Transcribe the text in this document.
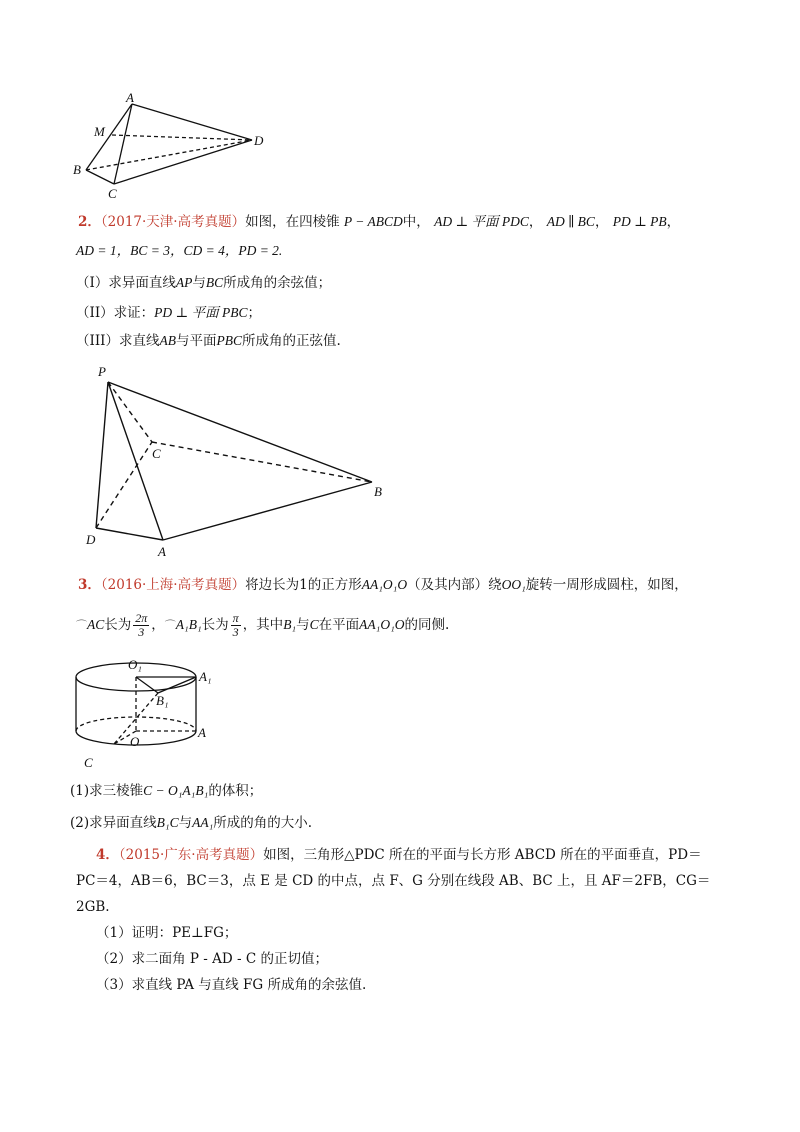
A
M
B
C
D
2．（2017·天津·高考真题）如图，在四棱锥 P − ABCD中， AD ⊥ 平面 PDC， AD ∥ BC， PD ⊥ PB，
AD = 1，BC = 3，CD = 4，PD = 2.
（I）求异面直线AP与BC所成角的余弦值；
（II）求证：PD ⊥ 平面 PBC；
（III）求直线AB与平面PBC所成角的正弦值.
P
C
B
D
A
3．（2016·上海·高考真题）将边长为1的正方形AA₁O₁O（及其内部）绕OO₁旋转一周形成圆柱，如图，
⌒AC长为 $\frac{2\pi}{3}$ ，⌒A₁B₁长为 $\frac{\pi}{3}$ ，其中B₁与C在平面AA₁O₁O的同侧.
O₁
A₁
B₁
O
A
C
(1)求三棱锥C − O₁A₁B₁的体积；
(2)求异面直线B₁C与AA₁所成的角的大小.
4．（2015·广东·高考真题）如图，三角形△PDC 所在的平面与长方形 ABCD 所在的平面垂直，PD＝
PC＝4，AB＝6，BC＝3，点 E 是 CD 的中点，点 F、G 分别在线段 AB、BC 上，且 AF＝2FB，CG＝
2GB.
（1）证明：PE⊥FG；
（2）求二面角 P - AD - C 的正切值；
（3）求直线 PA 与直线 FG 所成角的余弦值.
